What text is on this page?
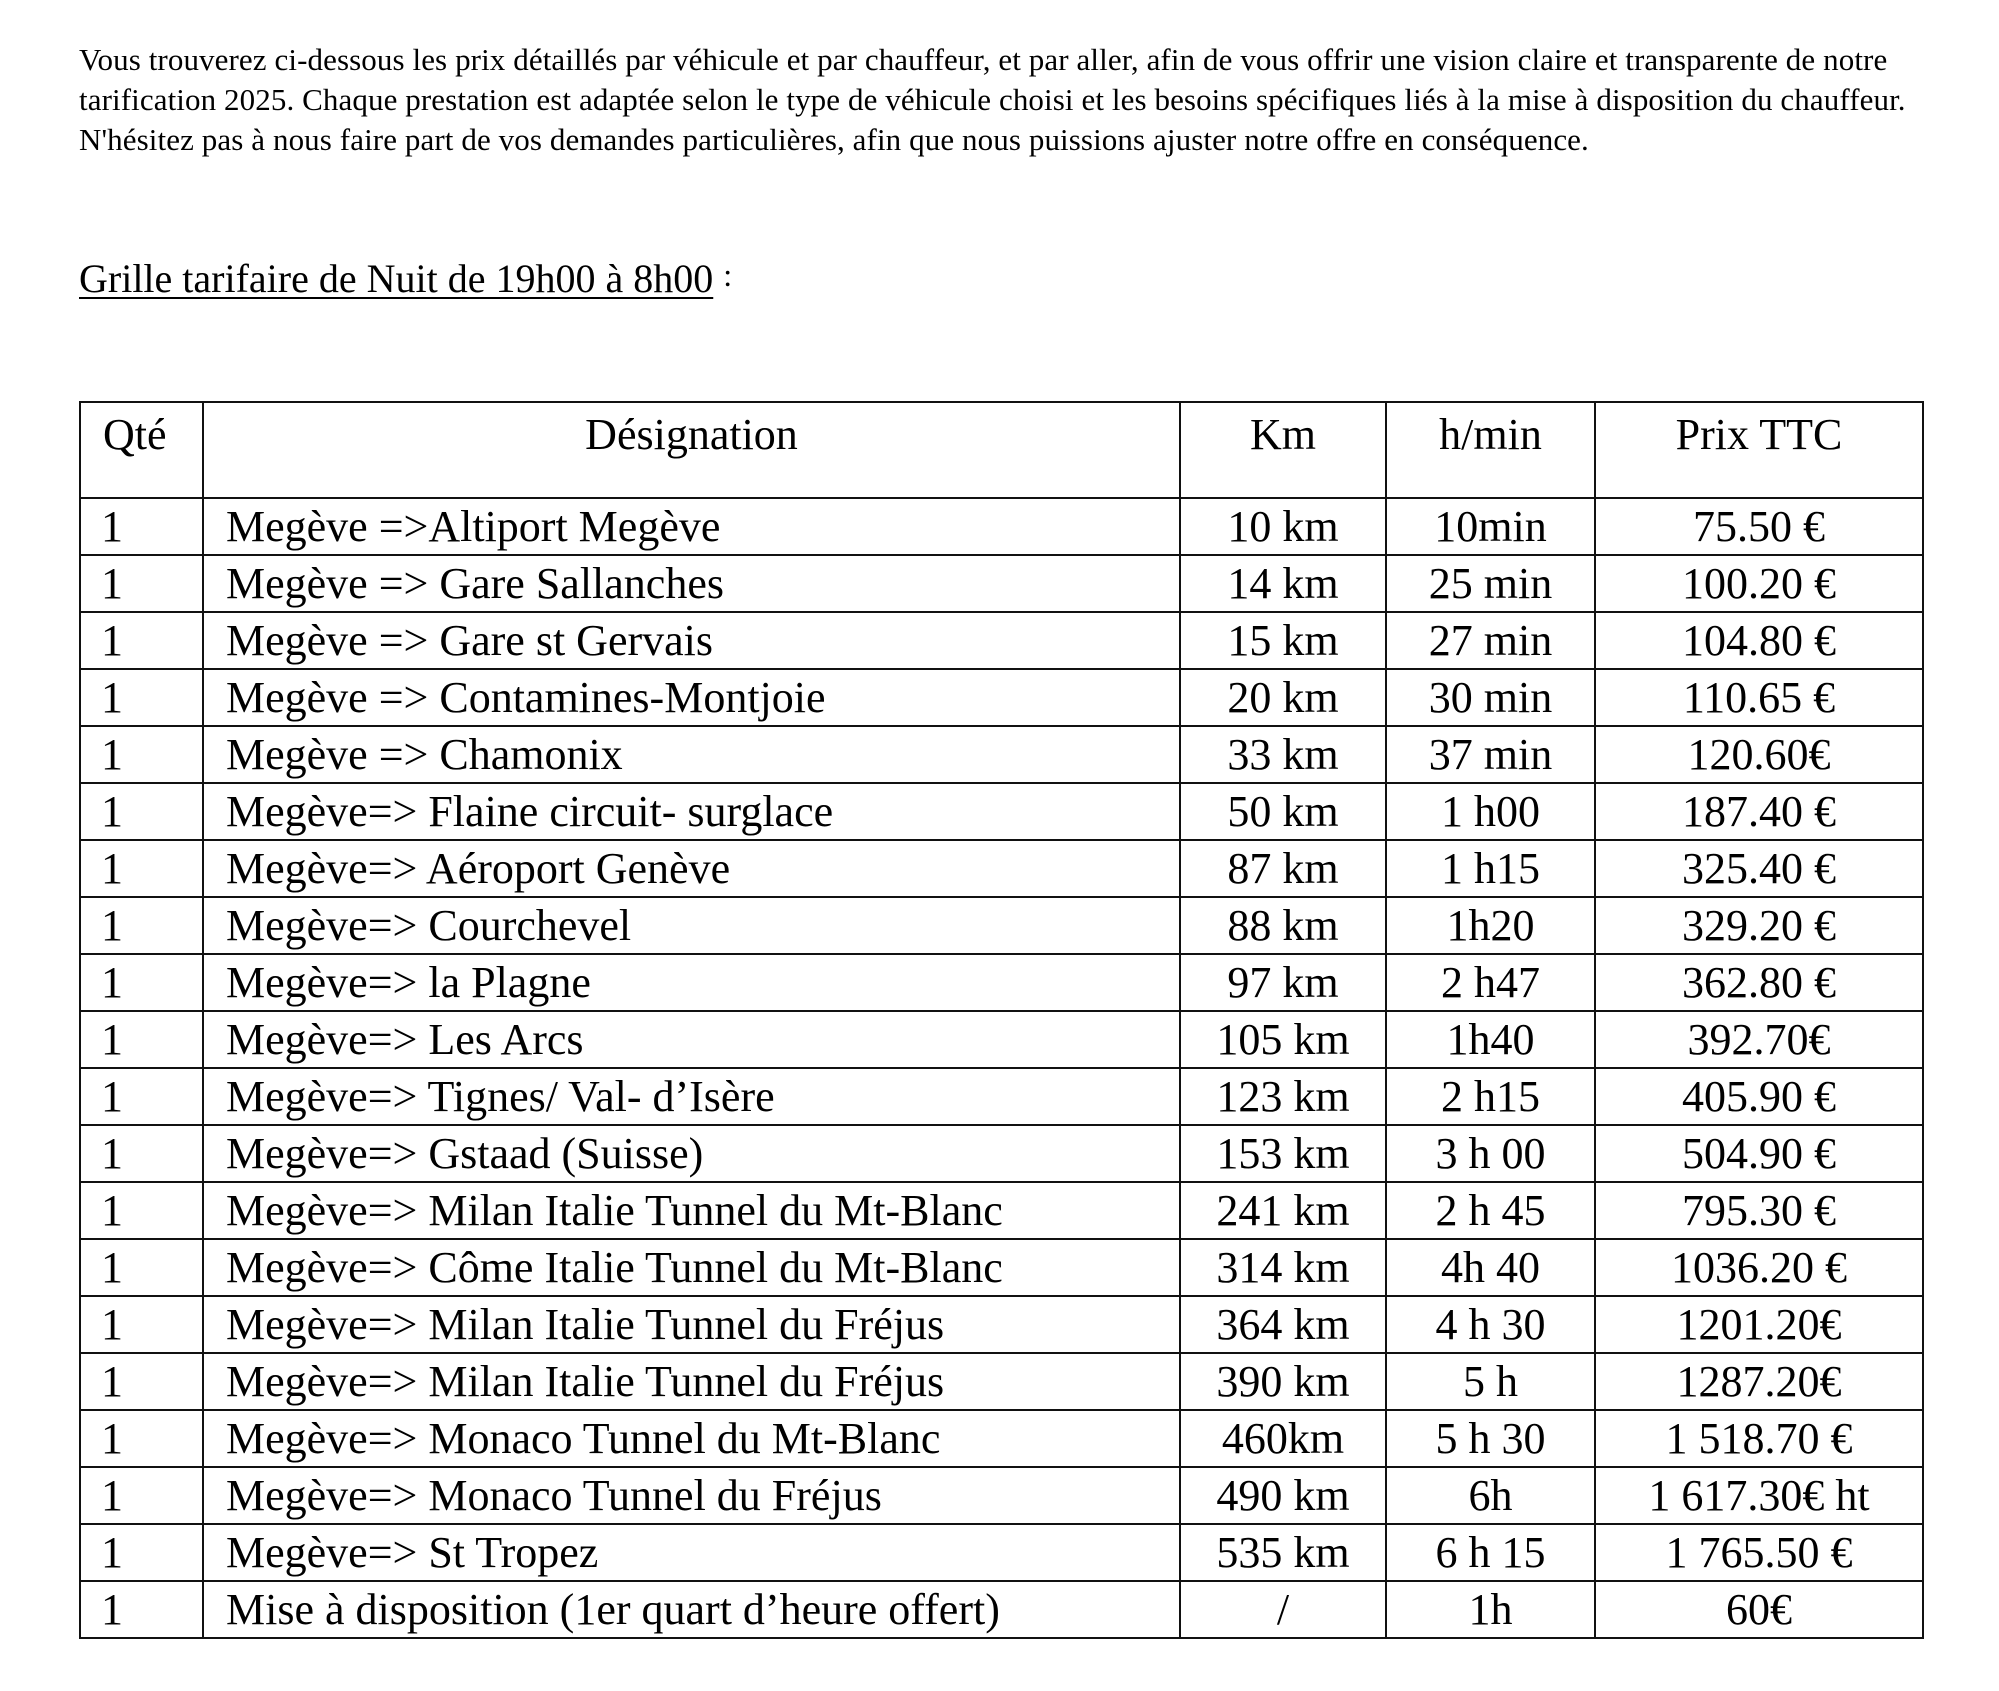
Vous trouverez ci-dessous les prix détaillés par véhicule et par chauffeur, et par aller, afin de vous offrir une vision claire et transparente de notre tarification 2025. Chaque prestation est adaptée selon le type de véhicule choisi et les besoins spécifiques liés à la mise à disposition du chauffeur. N'hésitez pas à nous faire part de vos demandes particulières, afin que nous puissions ajuster notre offre en conséquence.

Grille tarifaire de Nuit de 19h00 à 8h00 :
Qté	Désignation	Km	h/min	Prix TTC
1	Megève =>Altiport Megève	10 km	10min	75.50 €
1	Megève => Gare Sallanches	14 km	25 min	100.20 €
1	Megève => Gare st Gervais	15 km	27 min	104.80 €
1	Megève => Contamines-Montjoie	20 km	30 min	110.65 €
1	Megève => Chamonix	33 km	37 min	120.60€
1	Megève=> Flaine circuit- surglace	50 km	1 h00	187.40 €
1	Megève=> Aéroport Genève	87 km	1 h15	325.40 €
1	Megève=> Courchevel	88 km	1h20	329.20 €
1	Megève=> la Plagne	97 km	2 h47	362.80 €
1	Megève=> Les Arcs	105 km	1h40	392.70€
1	Megève=> Tignes/ Val- d’Isère	123 km	2 h15	405.90 €
1	Megève=> Gstaad (Suisse)	153 km	3 h 00	504.90 €
1	Megève=> Milan Italie Tunnel du Mt-Blanc	241 km	2 h 45	795.30 €
1	Megève=> Côme Italie Tunnel du Mt-Blanc	314 km	4h 40	1036.20 €
1	Megève=> Milan Italie Tunnel du Fréjus	364 km	4 h 30	1201.20€
1	Megève=> Milan Italie Tunnel du Fréjus	390 km	5 h	1287.20€
1	Megève=> Monaco Tunnel du Mt-Blanc	460km	5 h 30	1 518.70 €
1	Megève=> Monaco Tunnel du Fréjus	490 km	6h	1 617.30€ ht
1	Megève=> St Tropez	535 km	6 h 15	1 765.50 €
1	Mise à disposition (1er quart d’heure offert)	/	1h	60€
